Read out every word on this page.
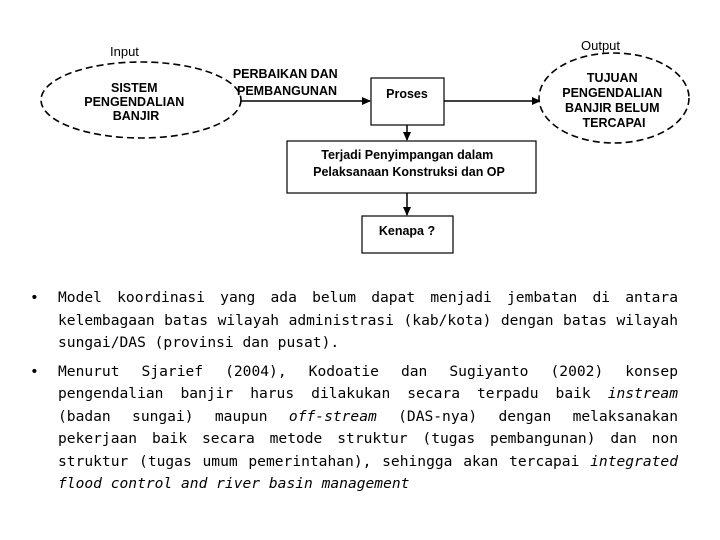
Input	Output
SISTEM PENGENDALIAN BANJIR
PERBAIKAN DAN PEMBANGUNAN	Proses
TUJUAN PENGENDALIAN BANJIR BELUM TERCAPAI
Terjadi Penyimpangan dalam Pelaksanaan Konstruksi dan OP
Kenapa ?
• Model koordinasi yang ada belum dapat menjadi jembatan di antara kelembagaan batas wilayah administrasi (kab/kota) dengan batas wilayah sungai/DAS (provinsi dan pusat).
• Menurut Sjarief (2004), Kodoatie dan Sugiyanto (2002) konsep pengendalian banjir harus dilakukan secara terpadu baik instream (badan sungai) maupun off-stream (DAS-nya) dengan melaksanakan pekerjaan baik secara metode struktur (tugas pembangunan) dan non struktur (tugas umum pemerintahan), sehingga akan tercapai integrated flood control and river basin management
